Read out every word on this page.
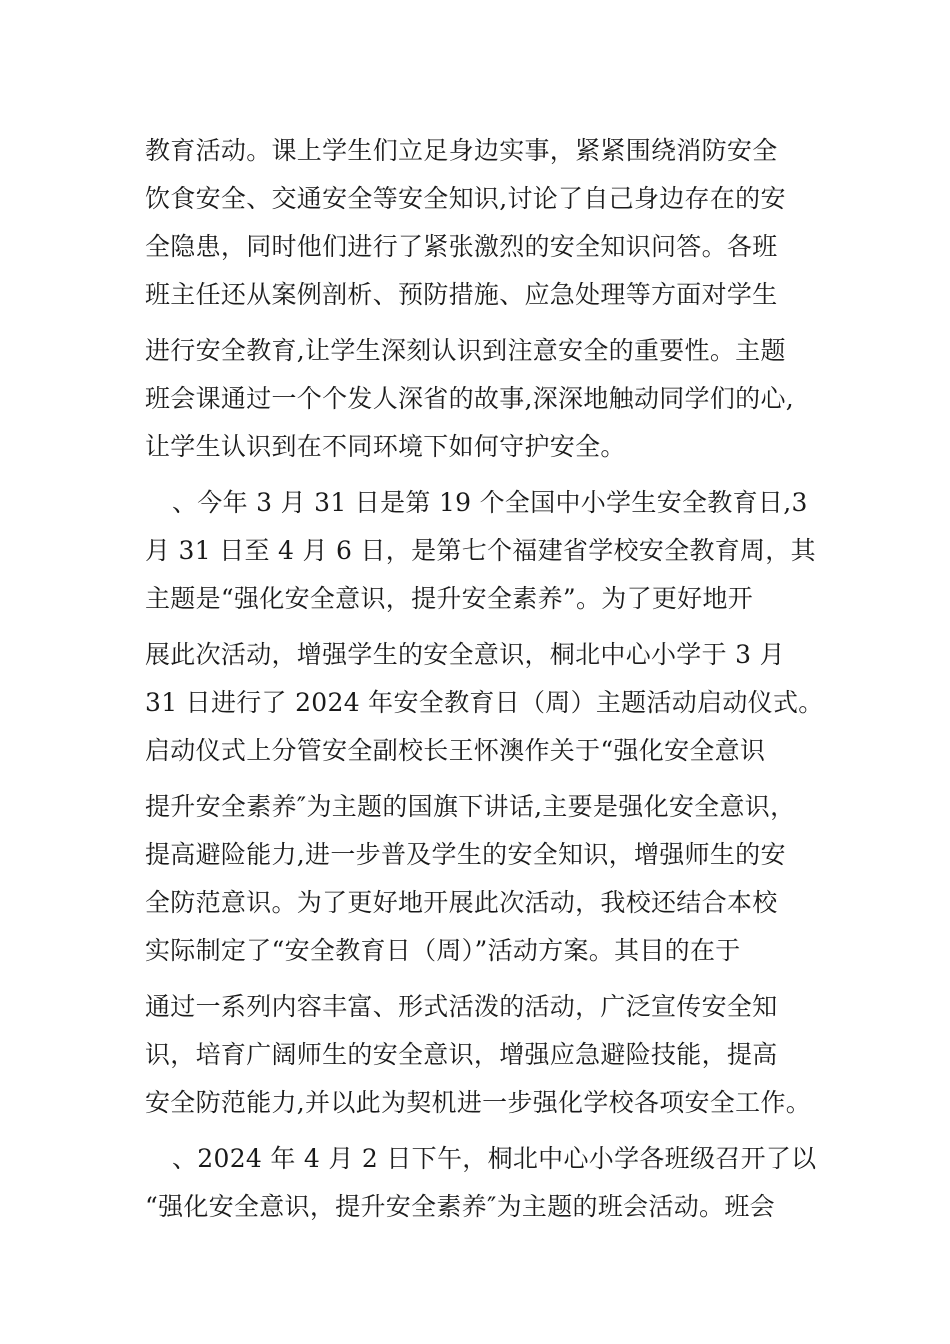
教育活动。课上学生们立足身边实事，紧紧围绕消防安全
饮食安全、交通安全等安全知识,讨论了自己身边存在的安
全隐患，同时他们进行了紧张激烈的安全知识问答。各班
班主任还从案例剖析、预防措施、应急处理等方面对学生
进行安全教育,让学生深刻认识到注意安全的重要性。主题
班会课通过一个个发人深省的故事,深深地触动同学们的心,
让学生认识到在不同环境下如何守护安全。
、今年 3 月 31 日是第 19 个全国中小学生安全教育日,3
月 31 日至 4 月 6 日，是第七个福建省学校安全教育周，其
主题是“强化安全意识，提升安全素养”。为了更好地开
展此次活动，增强学生的安全意识，桐北中心小学于 3 月
31 日进行了 2024 年安全教育日（周）主题活动启动仪式。
启动仪式上分管安全副校长王怀澳作关于“强化安全意识
提升安全素养″为主题的国旗下讲话,主要是强化安全意识，
提高避险能力,进一步普及学生的安全知识，增强师生的安
全防范意识。为了更好地开展此次活动，我校还结合本校
实际制定了“安全教育日（周）”活动方案。其目的在于
通过一系列内容丰富、形式活泼的活动，广泛宣传安全知
识，培育广阔师生的安全意识，增强应急避险技能，提高
安全防范能力,并以此为契机进一步强化学校各项安全工作。
、2024 年 4 月 2 日下午，桐北中心小学各班级召开了以
“强化安全意识，提升安全素养″为主题的班会活动。班会
